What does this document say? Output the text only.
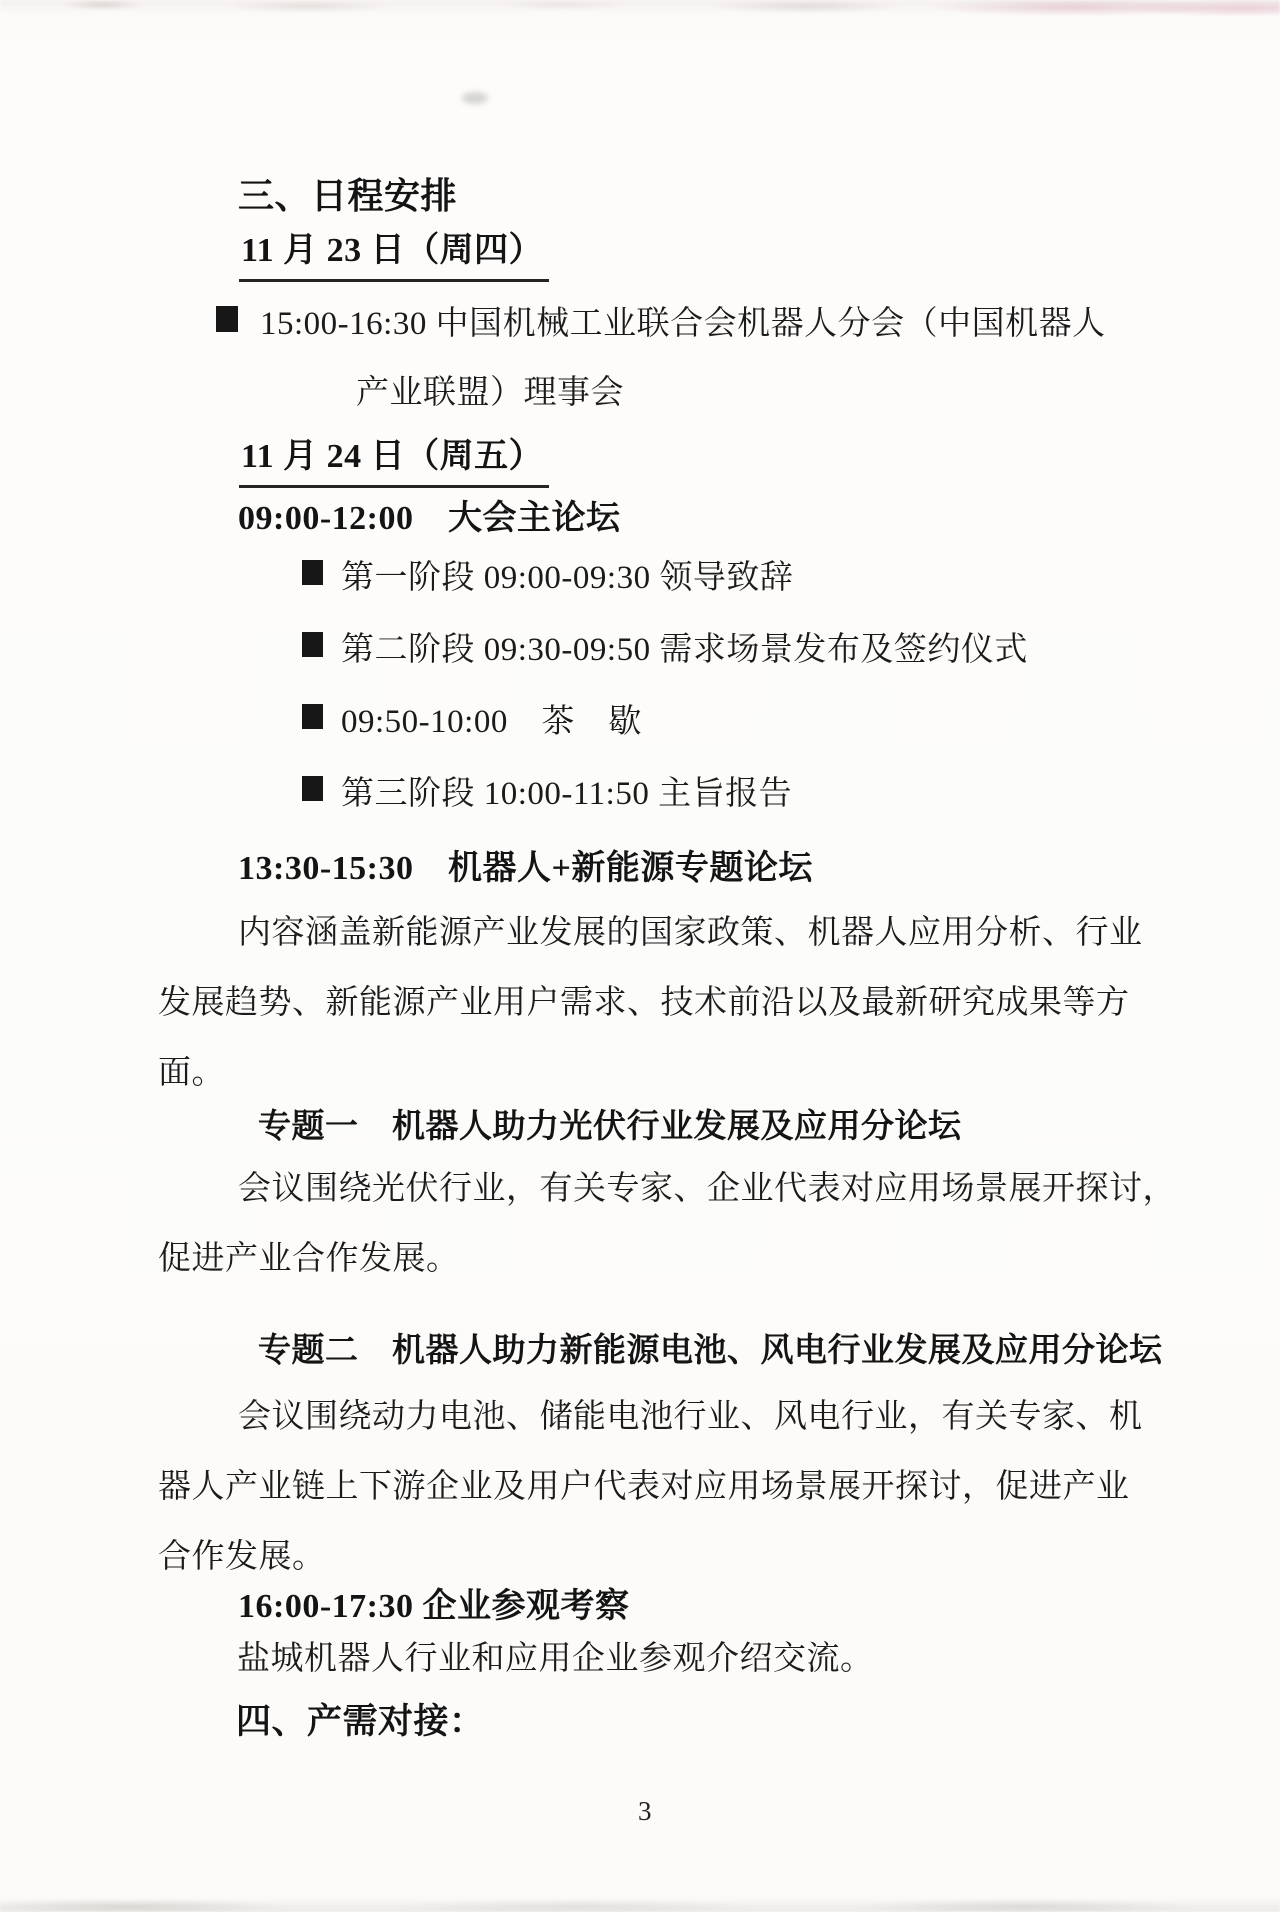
三、日程安排
11 月 23 日（周四）
15:00-16:30 中国机械工业联合会机器人分会（中国机器人
产业联盟）理事会
11 月 24 日（周五）
09:00-12:00　大会主论坛
第一阶段 09:00-09:30 领导致辞
第二阶段 09:30-09:50 需求场景发布及签约仪式
09:50-10:00　茶　歇
第三阶段 10:00-11:50 主旨报告
13:30-15:30　机器人+新能源专题论坛
内容涵盖新能源产业发展的国家政策、机器人应用分析、行业
发展趋势、新能源产业用户需求、技术前沿以及最新研究成果等方
面。
专题一　机器人助力光伏行业发展及应用分论坛
会议围绕光伏行业，有关专家、企业代表对应用场景展开探讨，
促进产业合作发展。
专题二　机器人助力新能源电池、风电行业发展及应用分论坛
会议围绕动力电池、储能电池行业、风电行业，有关专家、机
器人产业链上下游企业及用户代表对应用场景展开探讨，促进产业
合作发展。
16:00-17:30 企业参观考察
盐城机器人行业和应用企业参观介绍交流。
四、产需对接：
3
